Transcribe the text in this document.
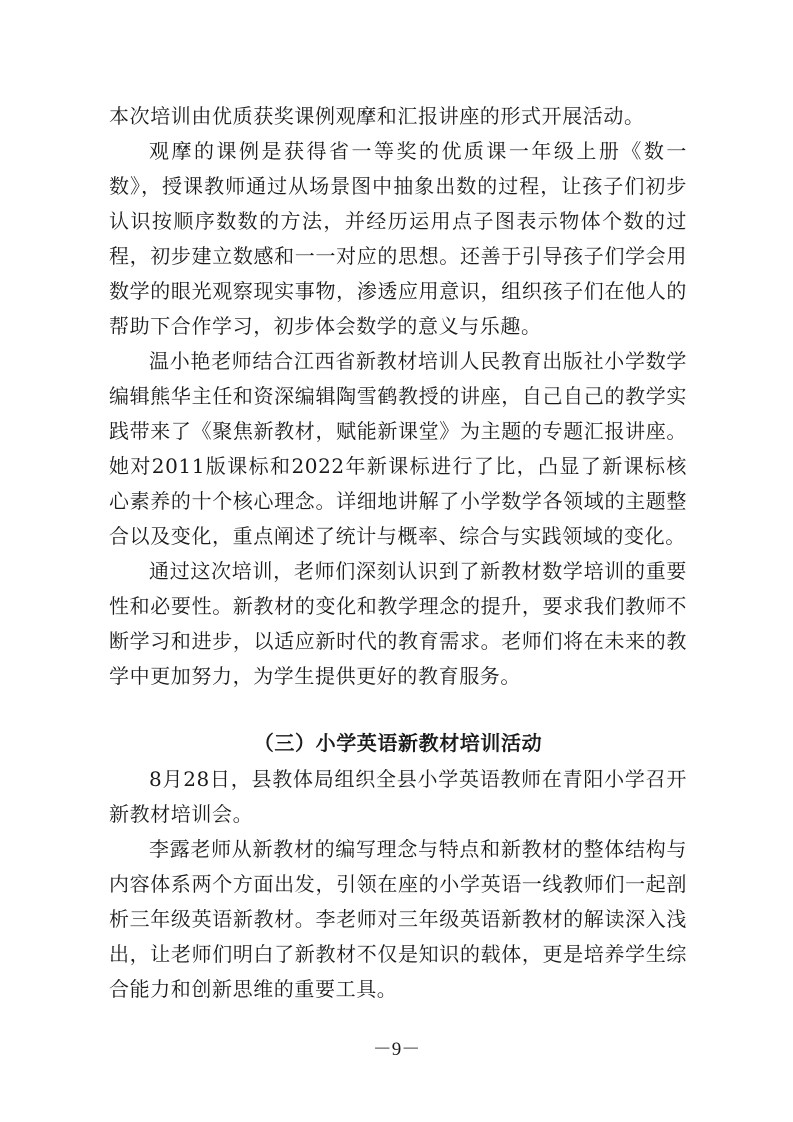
本次培训由优质获奖课例观摩和汇报讲座的形式开展活动。

观摩的课例是获得省一等奖的优质课一年级上册《数一数》，授课教师通过从场景图中抽象出数的过程，让孩子们初步认识按顺序数数的方法，并经历运用点子图表示物体个数的过程，初步建立数感和一一对应的思想。还善于引导孩子们学会用数学的眼光观察现实事物，渗透应用意识，组织孩子们在他人的帮助下合作学习，初步体会数学的意义与乐趣。

温小艳老师结合江西省新教材培训人民教育出版社小学数学编辑熊华主任和资深编辑陶雪鹤教授的讲座，自己自己的教学实践带来了《聚焦新教材，赋能新课堂》为主题的专题汇报讲座。她对2011版课标和2022年新课标进行了比，凸显了新课标核心素养的十个核心理念。详细地讲解了小学数学各领域的主题整合以及变化，重点阐述了统计与概率、综合与实践领域的变化。

通过这次培训，老师们深刻认识到了新教材数学培训的重要性和必要性。新教材的变化和教学理念的提升，要求我们教师不断学习和进步，以适应新时代的教育需求。老师们将在未来的教学中更加努力，为学生提供更好的教育服务。

（三）小学英语新教材培训活动

8月28日，县教体局组织全县小学英语教师在青阳小学召开新教材培训会。

李露老师从新教材的编写理念与特点和新教材的整体结构与内容体系两个方面出发，引领在座的小学英语一线教师们一起剖析三年级英语新教材。李老师对三年级英语新教材的解读深入浅出，让老师们明白了新教材不仅是知识的载体，更是培养学生综合能力和创新思维的重要工具。

－9－
